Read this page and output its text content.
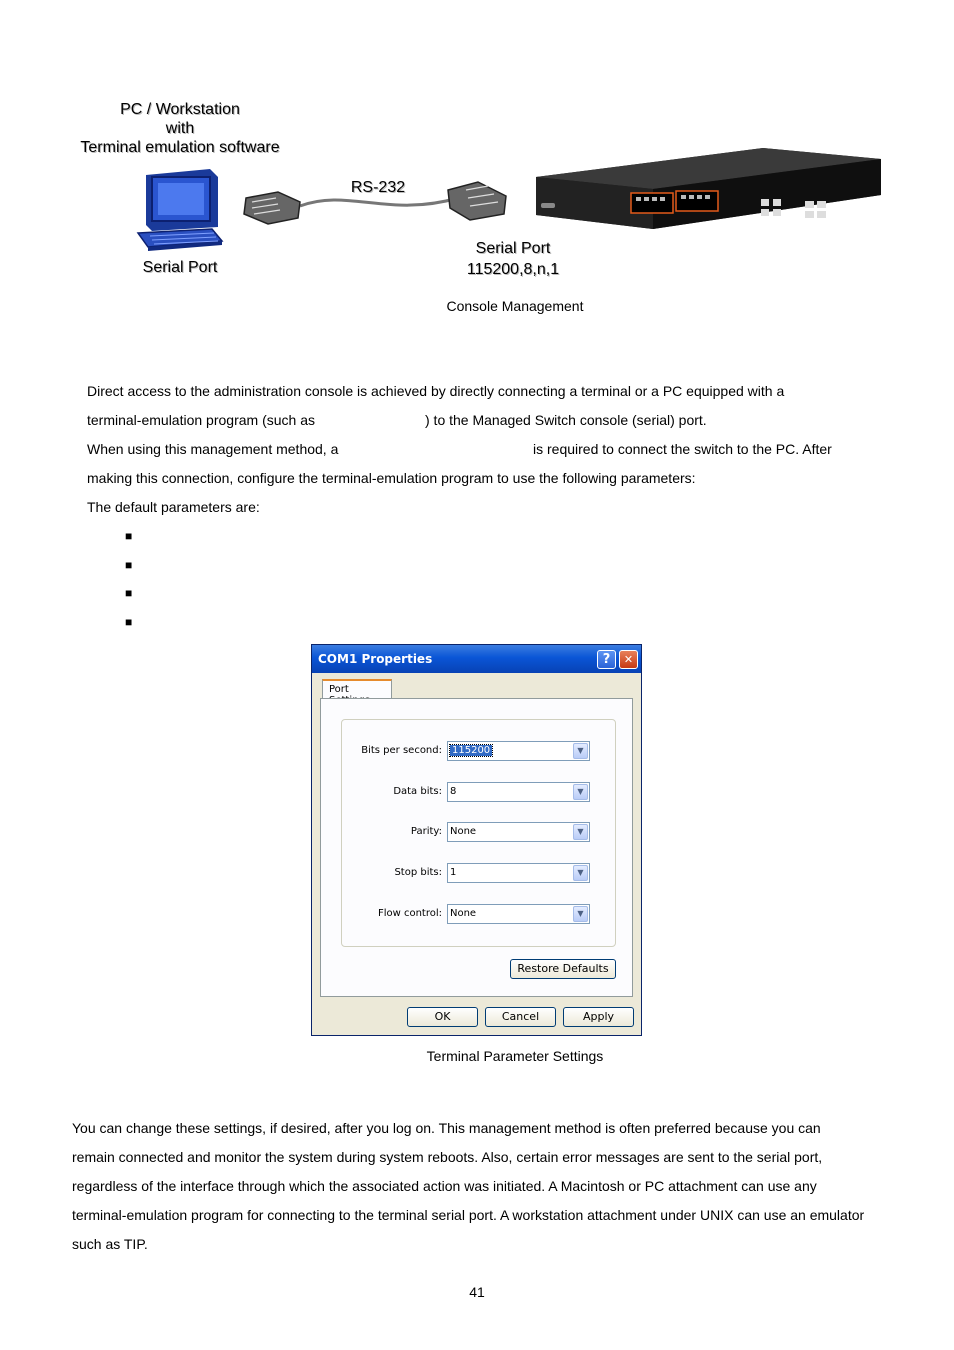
PC / Workstation
with
Terminal emulation software
RS-232
Serial Port
Serial Port
115200,8,n,1
Console Management
Direct access to the administration console is achieved by directly connecting a terminal or a PC equipped with a
terminal-emulation program (such as	) to the Managed Switch console (serial) port.
When using this management method, a	is required to connect the switch to the PC. After
making this connection, configure the terminal-emulation program to use the following parameters:
The default parameters are:
■
■
■
■
COM1 Properties	?	✕
Port
Bits per second: 115200	▼
Data bits: 8	▼
Parity: None	▼
Stop bits: 1	▼
Flow control: None	▼
Restore Defaults
OK	Cancel	Apply
Terminal Parameter Settings
You can change these settings, if desired, after you log on. This management method is often preferred because you can
remain connected and monitor the system during system reboots. Also, certain error messages are sent to the serial port,
regardless of the interface through which the associated action was initiated. A Macintosh or PC attachment can use any
terminal-emulation program for connecting to the terminal serial port. A workstation attachment under UNIX can use an emulator
such as TIP.
41
